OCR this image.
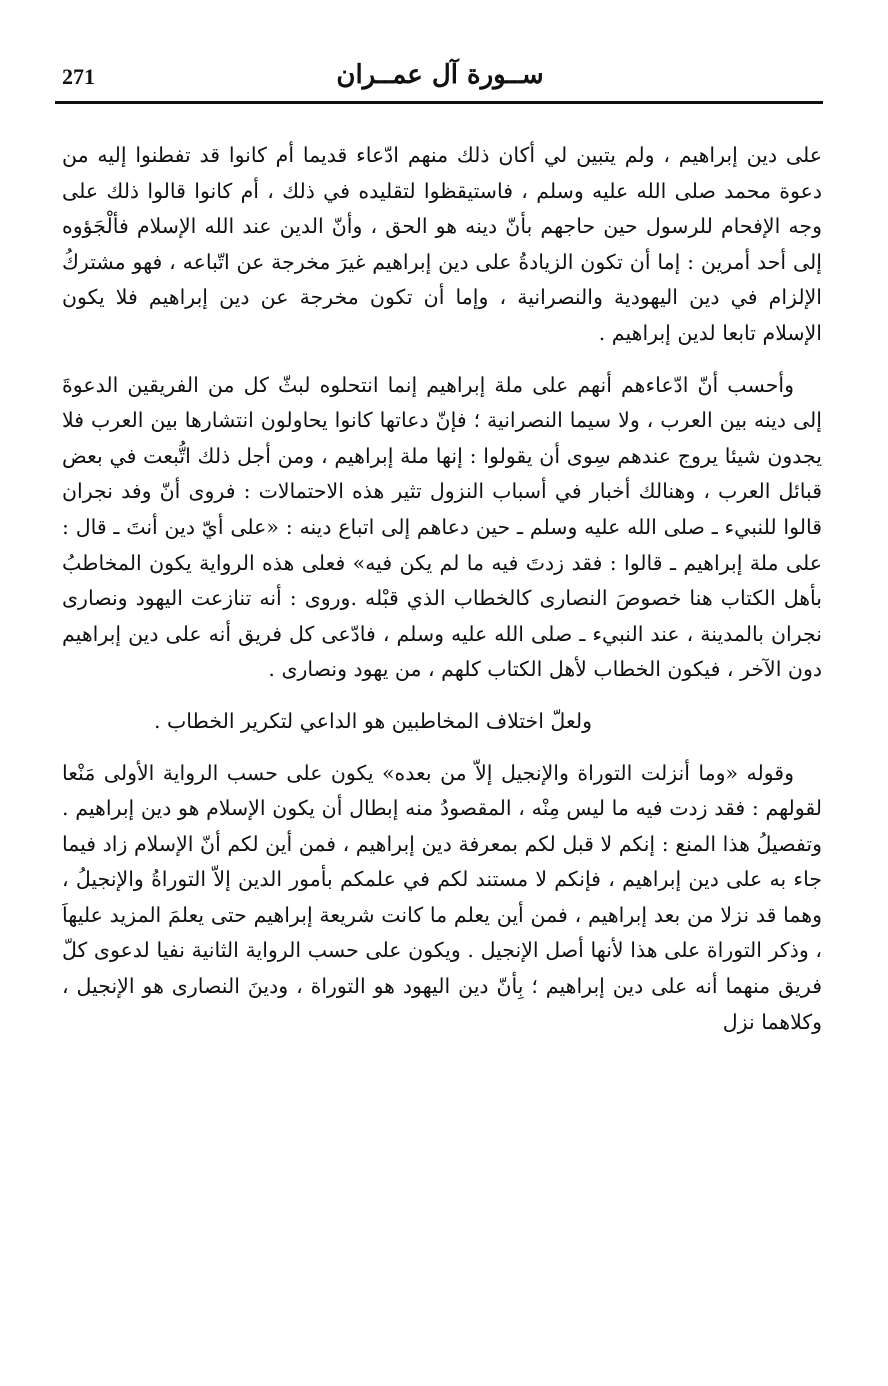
271	ســورة آل عمــران

على دين إبراهيم ، ولم يتبين لي أكان ذلك منهم ادّعاء قديما أم كانوا قد تفطنوا إليه من دعوة محمد صلى الله عليه وسلم ، فاستيقظوا لتقليده في ذلك ، أم كانوا قالوا ذلك على وجه الإفحام للرسول حين حاجهم بأنّ دينه هو الحق ، وأنّ الدين عند الله الإسلام فألْجَؤوه إلى أحد أمرين : إما أن تكون الزيادةُ على دين إبراهيم غيرَ مخرجة عن اتّباعه ، فهو مشتركُ الإلزام في دين اليهودية والنصرانية ، وإما أن تكون مخرجة عن دين إبراهيم فلا يكون الإسلام تابعا لدين إبراهيم .

وأحسب أنّ ادّعاءهم أنهم على ملة إبراهيم إنما انتحلوه لبثّ كل من الفريقين الدعوةَ إلى دينه بين العرب ، ولا سيما النصرانية ؛ فإنّ دعاتها كانوا يحاولون انتشارها بين العرب فلا يجدون شيئا يروج عندهم سِوى أن يقولوا : إنها ملة إبراهيم ، ومن أجل ذلك اتُّبعت في بعض قبائل العرب ، وهنالك أخبار في أسباب النزول تثير هذه الاحتمالات : فروى أنّ وفد نجران قالوا للنبيء ـ صلى الله عليه وسلم ـ حين دعاهم إلى اتباع دينه : «على أيّ دين أنتَ ـ قال : على ملة إبراهيم ـ قالوا : فقد زدتَ فيه ما لم يكن فيه» فعلى هذه الرواية يكون المخاطبُ بأهل الكتاب هنا خصوصَ النصارى كالخطاب الذي قبْله .وروى : أنه تنازعت اليهود ونصارى نجران بالمدينة ، عند النبيء ـ صلى الله عليه وسلم ، فادّعى كل فريق أنه على دين إبراهيم دون الآخر ، فيكون الخطاب لأهل الكتاب كلهم ، من يهود ونصارى .

ولعلّ اختلاف المخاطبين هو الداعي لتكرير الخطاب .

وقوله «وما أنزلت التوراة والإنجيل إلاّ من بعده» يكون على حسب الرواية الأولى مَنْعا لقولهم : فقد زدت فيه ما ليس مِنْه ، المقصودُ منه إبطال أن يكون الإسلام هو دين إبراهيم . وتفصيلُ هذا المنع : إنكم لا قبل لكم بمعرفة دين إبراهيم ، فمن أين لكم أنّ الإسلام زاد فيما جاء به على دين إبراهيم ، فإنكم لا مستند لكم في علمكم بأمور الدين إلاّ التوراةُ والإنجيلُ ، وهما قد نزلا من بعد إبراهيم ، فمن أين يعلم ما كانت شريعة إبراهيم حتى يعلمَ المزيد عليهاَ ، وذكر التوراة على هذا لأنها أصل الإنجيل . ويكون على حسب الرواية الثانية نفيا لدعوى كلّ فريق منهما أنه على دين إبراهيم ؛ بِأنّ دين اليهود هو التوراة ، ودينَ النصارى هو الإنجيل ، وكلاهما نزل
